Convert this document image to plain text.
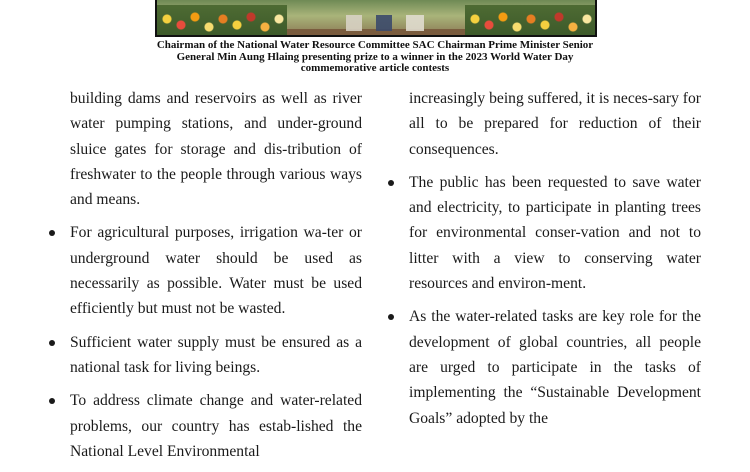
Chairman of the National Water Resource Committee SAC Chairman Prime Minister Senior
General Min Aung Hlaing presenting prize to a winner in the 2023 World Water Day
commemorative article contests

building dams and reservoirs as well as river water pumping stations, and under-ground sluice gates for storage and dis-tribution of freshwater to the people through various ways and means.

For agricultural purposes, irrigation wa-ter or underground water should be used as necessarily as possible. Water must be used efficiently but must not be wasted.
Sufficient water supply must be ensured as a national task for living beings.
To address climate change and water-related problems, our country has estab-lished the National Level Environmental

increasingly being suffered, it is neces-sary for all to be prepared for reduction of their consequences.

The public has been requested to save water and electricity, to participate in planting trees for environmental conser-vation and not to litter with a view to conserving water resources and environ-ment.
As the water-related tasks are key role for the development of global countries, all people are urged to participate in the tasks of implementing the “Sustainable Development Goals” adopted by the
